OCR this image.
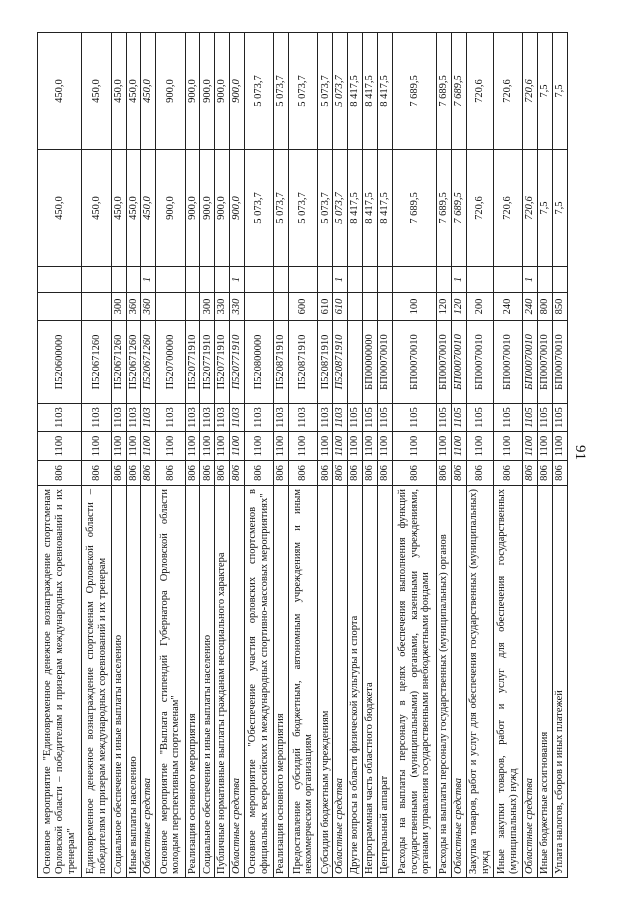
91
Основное мероприятие "Единовременное денежное вознаграждение спортсменам Орловской области – победителям и призерам международных соревнований и их тренерам"	806	1100	1103	П520600000			450,0	450,0
Единовременное денежное вознаграждение спортсменам Орловской области – победителям и призерам международных соревнований и их тренерам	806	1100	1103	П520671260			450,0	450,0
Социальное обеспечение и иные выплаты населению	806	1100	1103	П520671260	300		450,0	450,0
Иные выплаты населению	806	1100	1103	П520671260	360		450,0	450,0
Областные средства	806	1100	1103	П520671260	360	1	450,0	450,0
Основное мероприятие "Выплата стипендий Губернатора Орловской области молодым перспективным спортсменам"	806	1100	1103	П520700000			900,0	900,0
Реализация основного мероприятия	806	1100	1103	П520771910			900,0	900,0
Социальное обеспечение и иные выплаты населению	806	1100	1103	П520771910	300		900,0	900,0
Публичные нормативные выплаты гражданам несоциального характера	806	1100	1103	П520771910	330		900,0	900,0
Областные средства	806	1100	1103	П520771910	330	1	900,0	900,0
Основное мероприятие "Обеспечение участия орловских спортсменов в официальных всероссийских и международных спортивно-массовых мероприятиях"	806	1100	1103	П520800000			5 073,7	5 073,7
Реализация основного мероприятия	806	1100	1103	П520871910			5 073,7	5 073,7
Предоставление субсидий бюджетным, автономным учреждениям и иным некоммерческим организациям	806	1100	1103	П520871910	600		5 073,7	5 073,7
Субсидии бюджетным учреждениям	806	1100	1103	П520871910	610		5 073,7	5 073,7
Областные средства	806	1100	1103	П520871910	610	1	5 073,7	5 073,7
Другие вопросы в области физической культуры и спорта	806	1100	1105				8 417,5	8 417,5
Непрограммная часть областного бюджета	806	1100	1105	БП00000000			8 417,5	8 417,5
Центральный аппарат	806	1100	1105	БП00070010			8 417,5	8 417,5
Расходы на выплаты персоналу в целях обеспечения выполнения функций государственными (муниципальными) органами, казенными учреждениями, органами управления государственными внебюджетными фондами	806	1100	1105	БП00070010	100		7 689,5	7 689,5
Расходы на выплаты персоналу государственных (муниципальных) органов	806	1100	1105	БП00070010	120		7 689,5	7 689,5
Областные средства	806	1100	1105	БП00070010	120	1	7 689,5	7 689,5
Закупка товаров, работ и услуг для обеспечения государственных (муниципальных) нужд	806	1100	1105	БП00070010	200		720,6	720,6
Иные закупки товаров, работ и услуг для обеспечения государственных (муниципальных) нужд	806	1100	1105	БП00070010	240		720,6	720,6
Областные средства	806	1100	1105	БП00070010	240	1	720,6	720,6
Иные бюджетные ассигнования	806	1100	1105	БП00070010	800		7,5	7,5
Уплата налогов, сборов и иных платежей	806	1100	1105	БП00070010	850		7,5	7,5
